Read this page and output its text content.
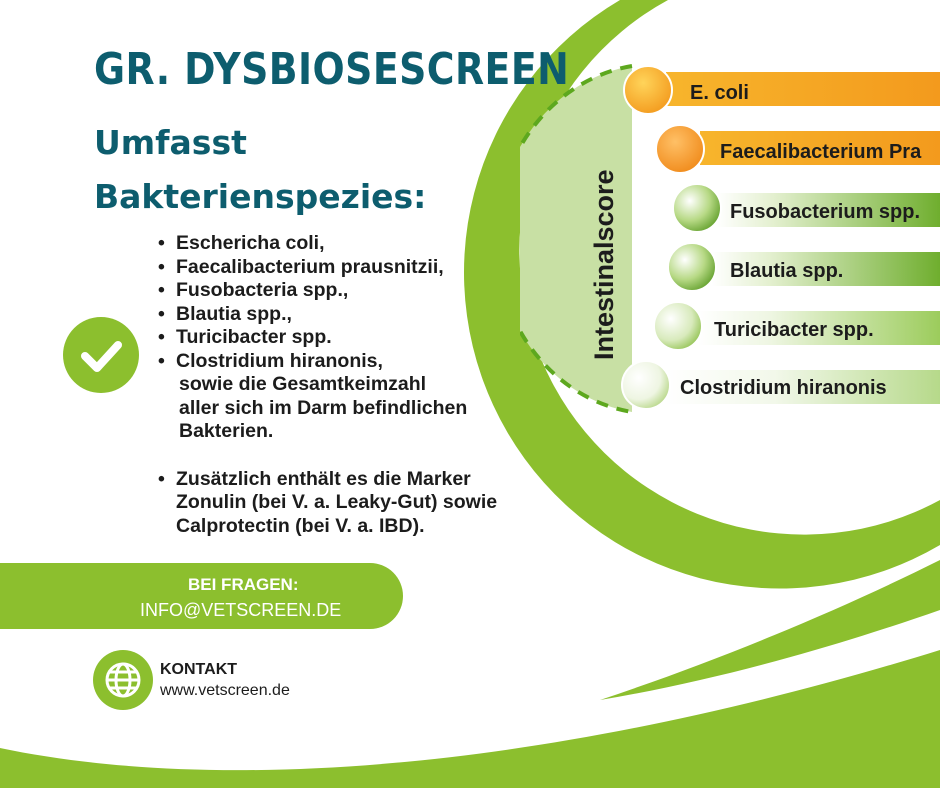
GR. DYSBIOSESCREEN
Umfasst
Bakterienspezies:
• Eschericha coli,
• Faecalibacterium prausnitzii,
• Fusobacteria spp.,
• Blautia spp.,
• Turicibacter spp.
• Clostridium hiranonis,
sowie die Gesamtkeimzahl
aller sich im Darm befindlichen
Bakterien.
• Zusätzlich enthält es die Marker
Zonulin (bei V. a. Leaky-Gut) sowie
Calprotectin (bei V. a. IBD).
BEI FRAGEN:
INFO@VETSCREEN.DE
KONTAKT
www.vetscreen.de
Intestinalscore
E. coli
Faecalibacterium Pra
Fusobacterium spp.
Blautia spp.
Turicibacter spp.
Clostridium hiranonis
